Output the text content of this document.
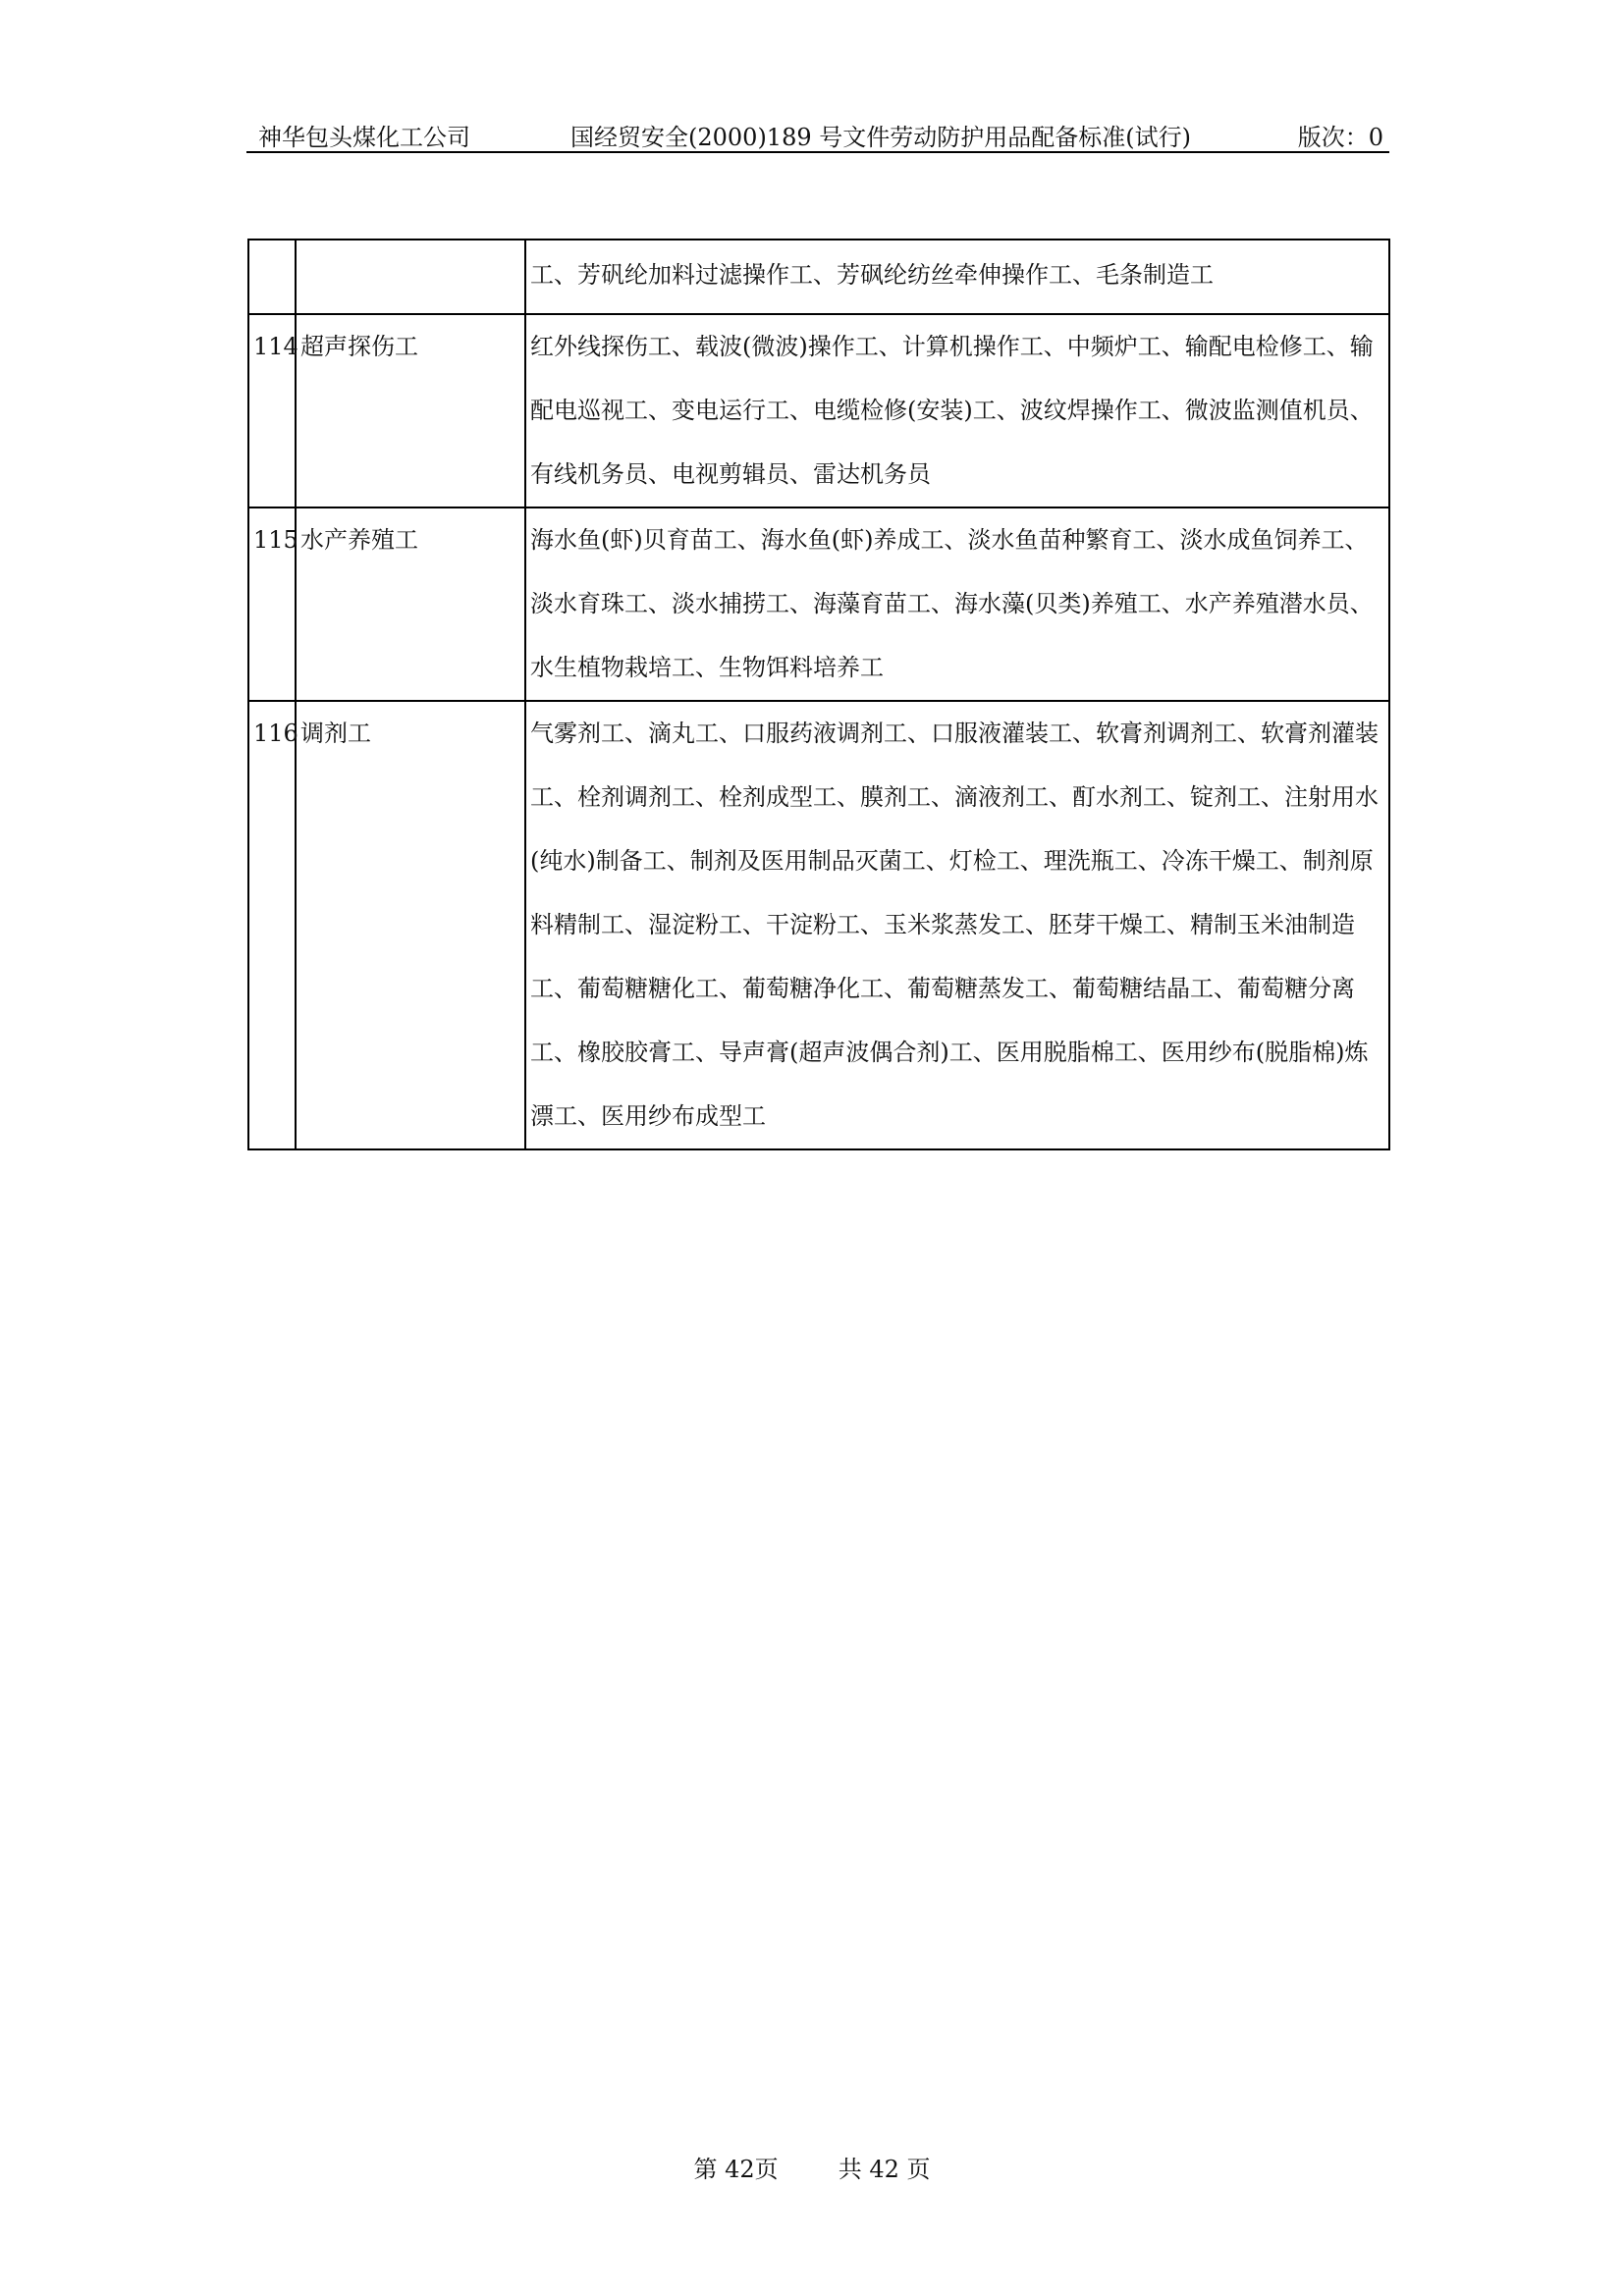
神华包头煤化工公司	国经贸安全(2000)189 号文件劳动防护用品配备标准(试行)	版次：0

		工、芳矾纶加料过滤操作工、芳砜纶纺丝牵伸操作工、毛条制造工

114	超声探伤工	红外线探伤工、载波(微波)操作工、计算机操作工、中频炉工、输配电检修工、输配电巡视工、变电运行工、电缆检修(安装)工、波纹焊操作工、微波监测值机员、有线机务员、电视剪辑员、雷达机务员

115	水产养殖工	海水鱼(虾)贝育苗工、海水鱼(虾)养成工、淡水鱼苗种繁育工、淡水成鱼饲养工、淡水育珠工、淡水捕捞工、海藻育苗工、海水藻(贝类)养殖工、水产养殖潜水员、水生植物栽培工、生物饵料培养工

116	调剂工	气雾剂工、滴丸工、口服药液调剂工、口服液灌装工、软膏剂调剂工、软膏剂灌装工、栓剂调剂工、栓剂成型工、膜剂工、滴液剂工、酊水剂工、锭剂工、注射用水(纯水)制备工、制剂及医用制品灭菌工、灯检工、理洗瓶工、冷冻干燥工、制剂原料精制工、湿淀粉工、干淀粉工、玉米浆蒸发工、胚芽干燥工、精制玉米油制造工、葡萄糖糖化工、葡萄糖净化工、葡萄糖蒸发工、葡萄糖结晶工、葡萄糖分离工、橡胶胶膏工、导声膏(超声波偶合剂)工、医用脱脂棉工、医用纱布(脱脂棉)炼漂工、医用纱布成型工
第 42页	共 42 页
